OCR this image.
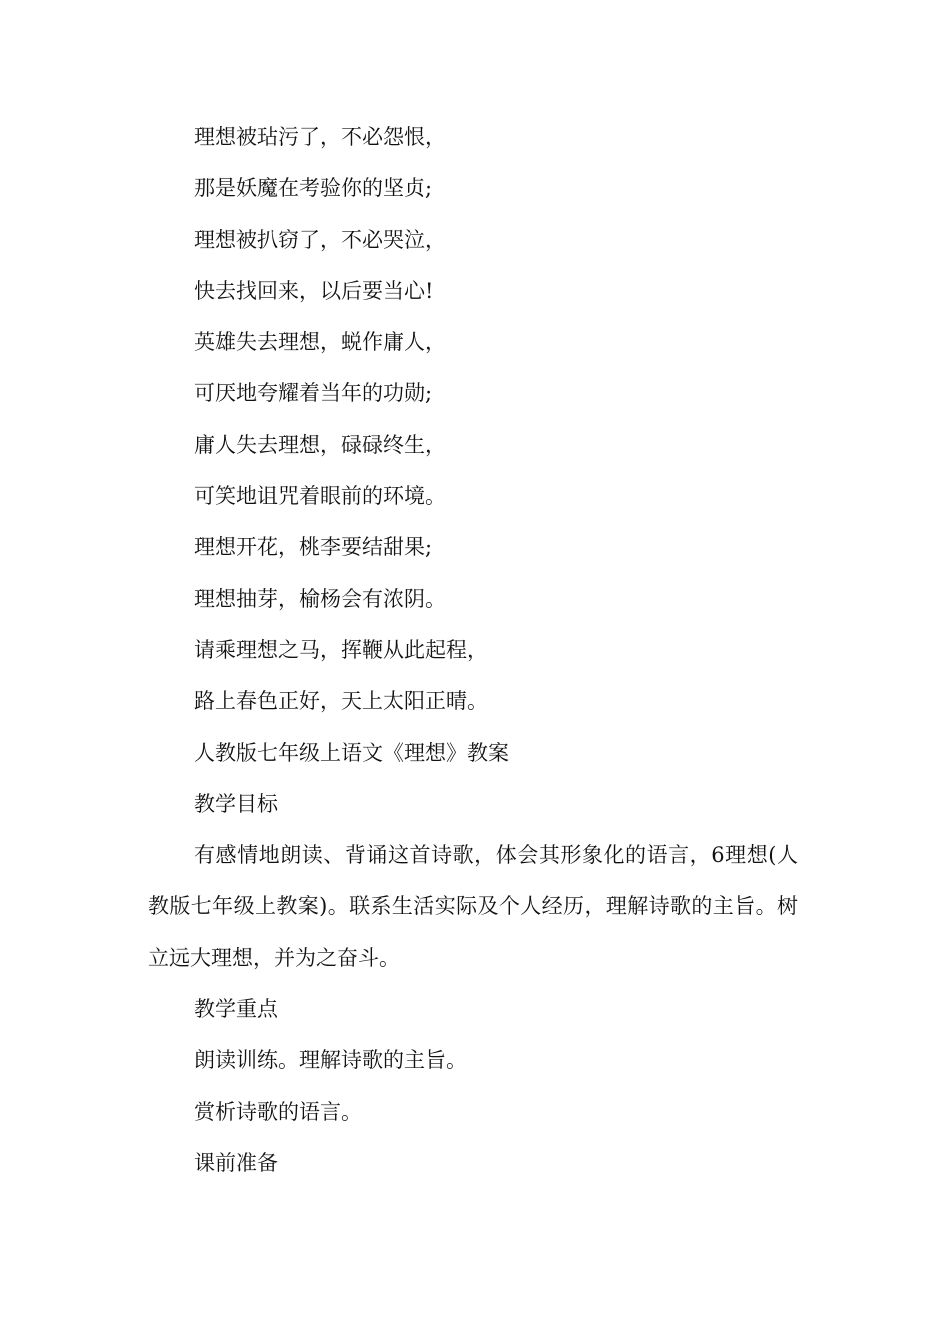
理想被玷污了，不必怨恨，

那是妖魔在考验你的坚贞;

理想被扒窃了，不必哭泣，

快去找回来，以后要当心!

英雄失去理想，蜕作庸人，

可厌地夸耀着当年的功勋;

庸人失去理想，碌碌终生，

可笑地诅咒着眼前的环境。

理想开花，桃李要结甜果;

理想抽芽，榆杨会有浓阴。

请乘理想之马，挥鞭从此起程，

路上春色正好，天上太阳正晴。

人教版七年级上语文《理想》教案

教学目标

有感情地朗读、背诵这首诗歌，体会其形象化的语言，6理想(人教版七年级上教案)。联系生活实际及个人经历，理解诗歌的主旨。树立远大理想，并为之奋斗。

教学重点

朗读训练。理解诗歌的主旨。

赏析诗歌的语言。

课前准备
